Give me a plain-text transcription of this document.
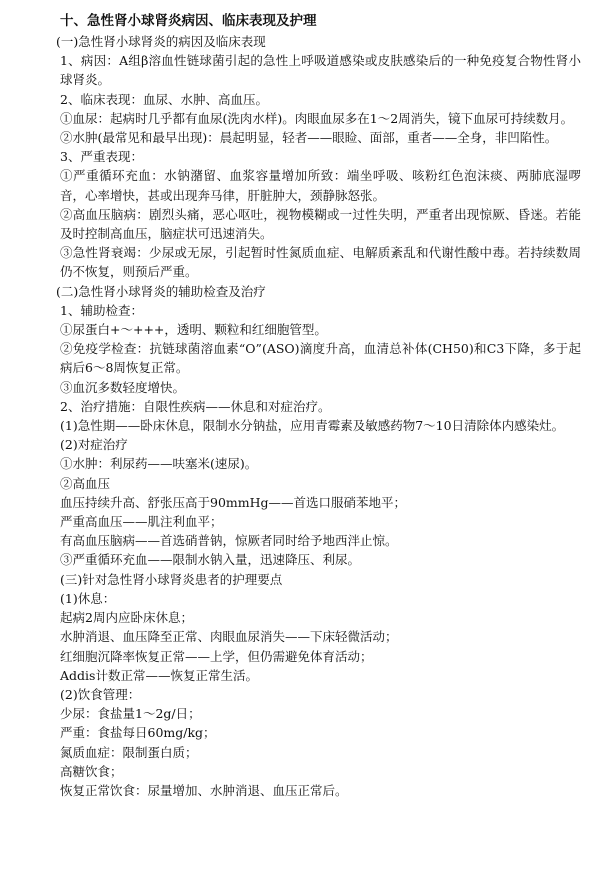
十、急性肾小球肾炎病因、临床表现及护理

(一)急性肾小球肾炎的病因及临床表现

1、病因：A组β溶血性链球菌引起的急性上呼吸道感染或皮肤感染后的一种免疫复合物性肾小球肾炎。

2、临床表现：血尿、水肿、高血压。

①血尿：起病时几乎都有血尿(洗肉水样)。肉眼血尿多在1～2周消失，镜下血尿可持续数月。

②水肿(最常见和最早出现)：晨起明显，轻者——眼睑、面部，重者——全身，非凹陷性。

3、严重表现：

①严重循环充血：水钠潴留、血浆容量增加所致：端坐呼吸、咳粉红色泡沫痰、两肺底湿啰音，心率增快，甚或出现奔马律，肝脏肿大，颈静脉怒张。

②高血压脑病：剧烈头痛，恶心呕吐，视物模糊或一过性失明，严重者出现惊厥、昏迷。若能及时控制高血压，脑症状可迅速消失。

③急性肾衰竭：少尿或无尿，引起暂时性氮质血症、电解质紊乱和代谢性酸中毒。若持续数周仍不恢复，则预后严重。

(二)急性肾小球肾炎的辅助检查及治疗

1、辅助检查：

①尿蛋白+～+++，透明、颗粒和红细胞管型。

②免疫学检查：抗链球菌溶血素“O”(ASO)滴度升高，血清总补体(CH50)和C3下降，多于起病后6～8周恢复正常。

③血沉多数轻度增快。

2、治疗措施：自限性疾病——休息和对症治疗。

(1)急性期——卧床休息，限制水分钠盐，应用青霉素及敏感药物7～10日清除体内感染灶。

(2)对症治疗

①水肿：利尿药——呋塞米(速尿)。

②高血压

血压持续升高、舒张压高于90mmHg——首选口服硝苯地平；

严重高血压——肌注利血平；

有高血压脑病——首选硝普钠，惊厥者同时给予地西泮止惊。

③严重循环充血——限制水钠入量，迅速降压、利尿。

(三)针对急性肾小球肾炎患者的护理要点

(1)休息：

起病2周内应卧床休息；

水肿消退、血压降至正常、肉眼血尿消失——下床轻微活动；

红细胞沉降率恢复正常——上学，但仍需避免体育活动；

Addis计数正常——恢复正常生活。

(2)饮食管理：

少尿：食盐量1～2g/日；

严重：食盐每日60mg/kg；

氮质血症：限制蛋白质；

高糖饮食；

恢复正常饮食：尿量增加、水肿消退、血压正常后。
